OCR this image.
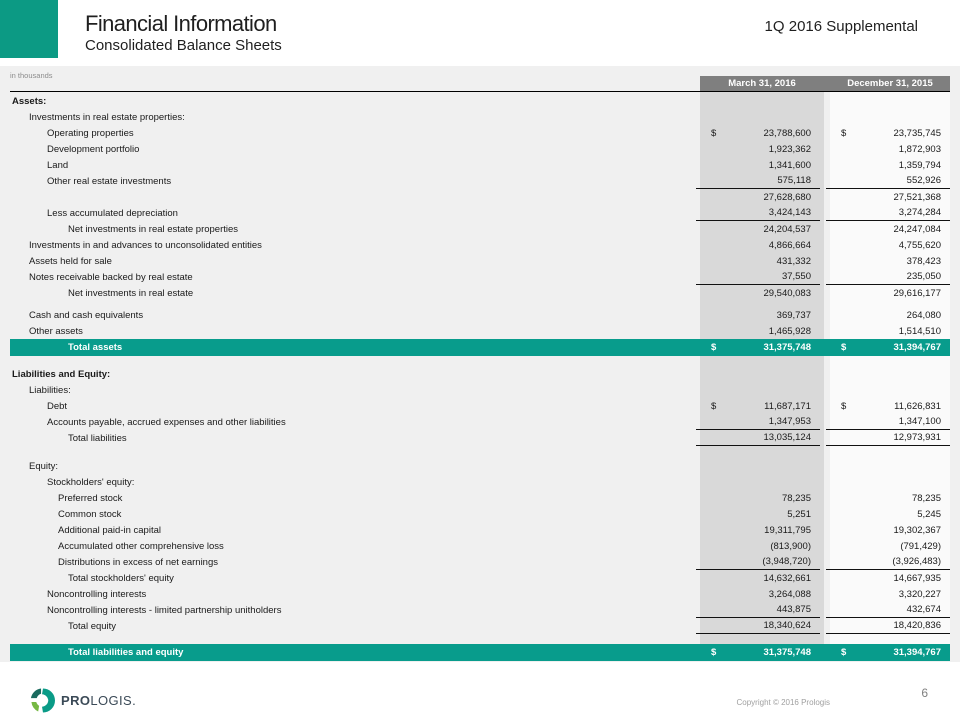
Financial Information
Consolidated Balance Sheets
1Q 2016 Supplemental
in thousands
March 31, 2016	December 31, 2015
Assets:
Investments in real estate properties:
Operating properties	$	23,788,600	$	23,735,745
Development portfolio	1,923,362	1,872,903
Land	1,341,600	1,359,794
Other real estate investments	575,118	552,926
27,628,680	27,521,368
Less accumulated depreciation	3,424,143	3,274,284
Net investments in real estate properties	24,204,537	24,247,084
Investments in and advances to unconsolidated entities	4,866,664	4,755,620
Assets held for sale	431,332	378,423
Notes receivable backed by real estate	37,550	235,050
Net investments in real estate	29,540,083	29,616,177
Cash and cash equivalents	369,737	264,080
Other assets	1,465,928	1,514,510
Total assets	$	31,375,748	$	31,394,767
Liabilities and Equity:
Liabilities:
Debt	$	11,687,171	$	11,626,831
Accounts payable, accrued expenses and other liabilities	1,347,953	1,347,100
Total liabilities	13,035,124	12,973,931
Equity:
Stockholders' equity:
Preferred stock	78,235	78,235
Common stock	5,251	5,245
Additional paid-in capital	19,311,795	19,302,367
Accumulated other comprehensive loss	(813,900)	(791,429)
Distributions in excess of net earnings	(3,948,720)	(3,926,483)
Total stockholders' equity	14,632,661	14,667,935
Noncontrolling interests	3,264,088	3,320,227
Noncontrolling interests - limited partnership unitholders	443,875	432,674
Total equity	18,340,624	18,420,836
Total liabilities and equity	$	31,375,748	$	31,394,767
PROLOGIS.	Copyright © 2016 Prologis
6
